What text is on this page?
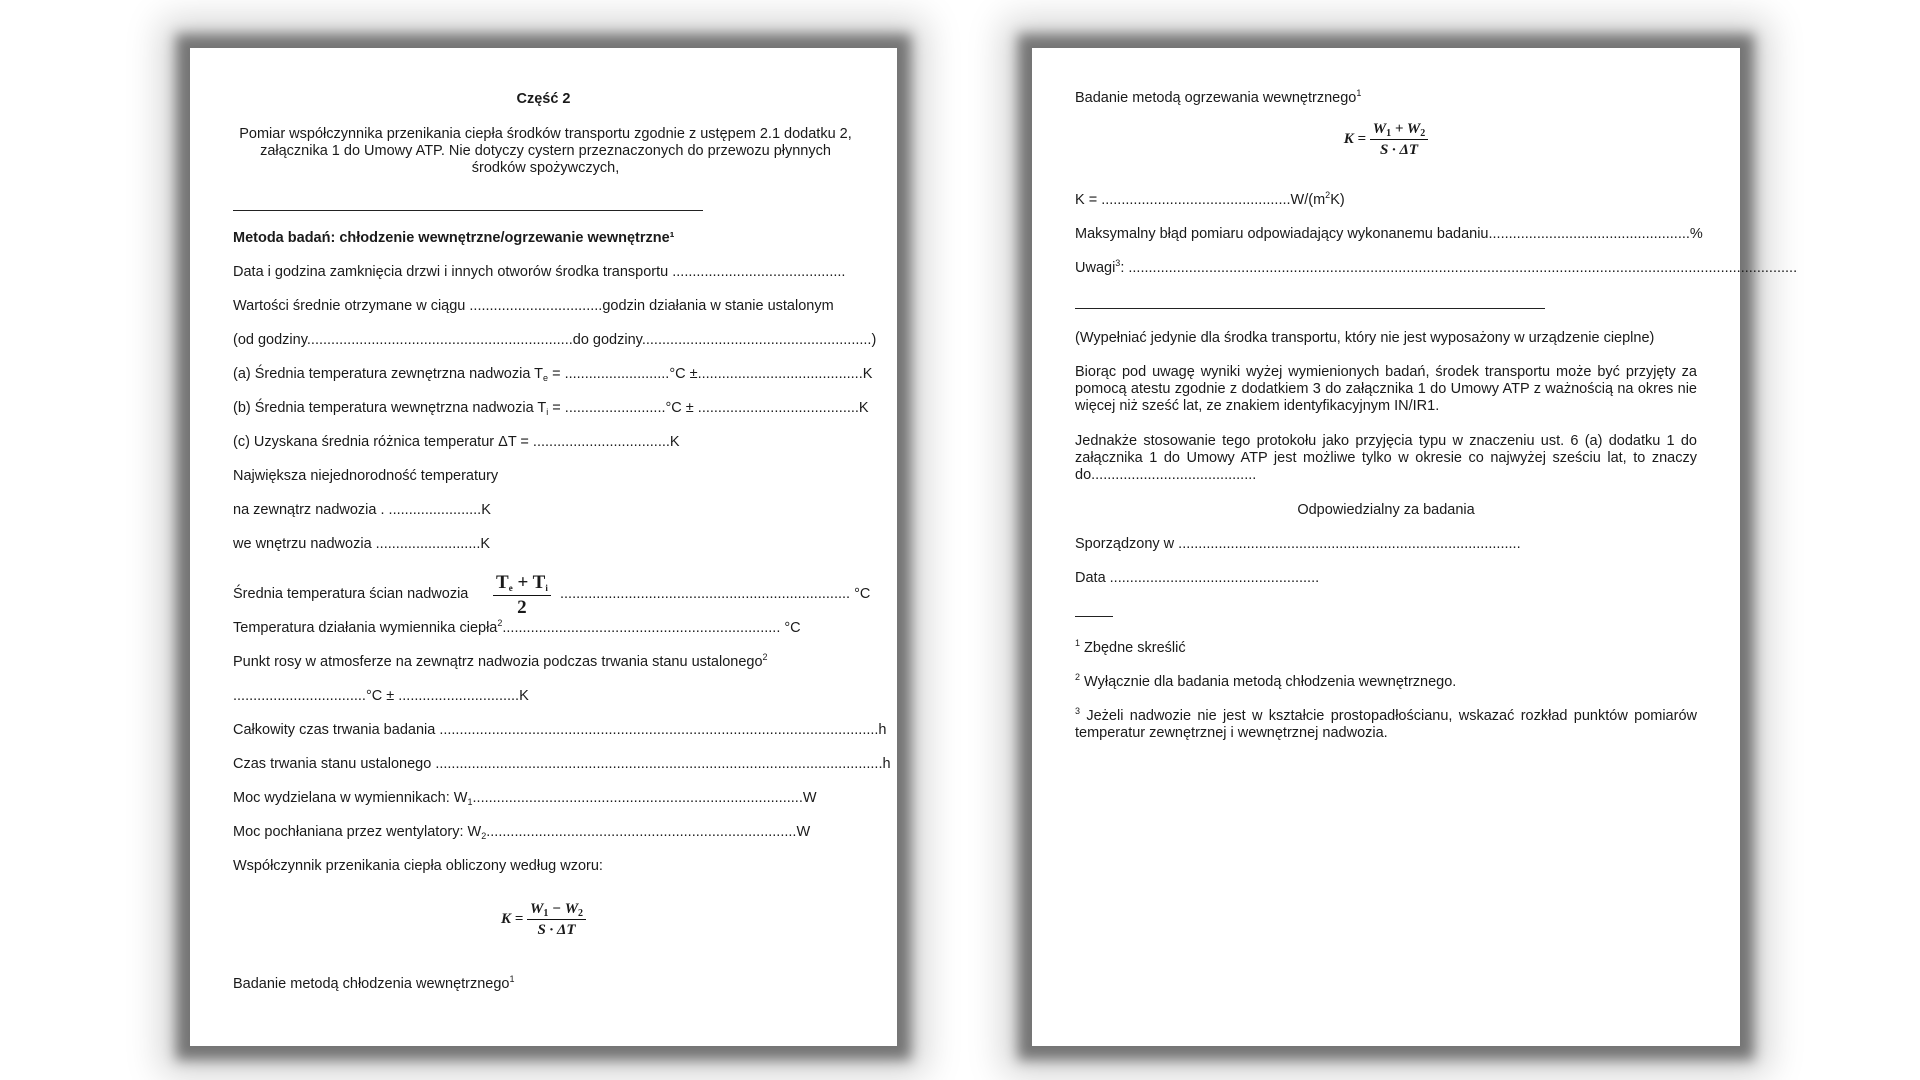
Część 2
Pomiar współczynnika przenikania ciepła środków transportu zgodnie z ustępem 2.1 dodatku 2, załącznika 1 do Umowy ATP. Nie dotyczy cystern przeznaczonych do przewozu płynnych środków spożywczych,
Metoda badań: chłodzenie wewnętrzne/ogrzewanie wewnętrzne¹
Data i godzina zamknięcia drzwi i innych otworów środka transportu ...........................................
Wartości średnie otrzymane w ciągu .................................godzin działania w stanie ustalonym
(od godziny..................................................................do godziny.........................................................)
(a) Średnia temperatura zewnętrzna nadwozia $T_e = ..........................^\circ C \pm.........................................K$
(b) Średnia temperatura wewnętrzna nadwozia $T_i = .........................^\circ C \pm ........................................K$
(c) Uzyskana średnia różnica temperatur ΔT = ..................................K
Największa niejednorodność temperatury
na zewnątrz nadwozia . .......................K
we wnętrzu nadwozia ..........................K
Średnia temperatura ścian nadwozia $\frac{T_e + T_i}{2}$ ........................................................................ °C
Temperatura działania wymiennika ciepła$^2$..................................................................... °C
Punkt rosy w atmosferze na zewnątrz nadwozia podczas trwania stanu ustalonego$^2$
.................................°C ± ..............................K
Całkowity czas trwania badania .............................................................................................................h
Czas trwania stanu ustalonego ...............................................................................................................h
Moc wydzielana w wymiennikach: $W_1..................................................................................W$
Moc pochłaniana przez wentylatory: $W_2.............................................................................W$
Współczynnik przenikania ciepła obliczony według wzoru:
$K = \frac{W_1 - W_2}{S \cdot \Delta T}$
Badanie metodą chłodzenia wewnętrznego$^1$
Badanie metodą ogrzewania wewnętrznego$^1$
$K = \frac{W_1 + W_2}{S \cdot \Delta T}$
$K = ...............................................W/(m^2K)$
Maksymalny błąd pomiaru odpowiadający wykonanemu badaniu..................................................%
Uwagi$^3$: ......................................................................................................................................................................
(Wypełniać jedynie dla środka transportu, który nie jest wyposażony w urządzenie cieplne)
Biorąc pod uwagę wyniki wyżej wymienionych badań, środek transportu może być przyjęty za pomocą atestu zgodnie z dodatkiem 3 do załącznika 1 do Umowy ATP z ważnością na okres nie więcej niż sześć lat, ze znakiem identyfikacyjnym IN/IR1.
Jednakże stosowanie tego protokołu jako przyjęcia typu w znaczeniu ust. 6 (a) dodatku 1 do załącznika 1 do Umowy ATP jest możliwe tylko w okresie co najwyżej sześciu lat, to znaczy do.........................................
Odpowiedzialny za badania
Sporządzony w .....................................................................................
Data ....................................................
$^1$ Zbędne skreślić
$^2$ Wyłącznie dla badania metodą chłodzenia wewnętrznego.
$^3$ Jeżeli nadwozie nie jest w kształcie prostopadłościanu, wskazać rozkład punktów pomiarów temperatur zewnętrznej i wewnętrznej nadwozia.
